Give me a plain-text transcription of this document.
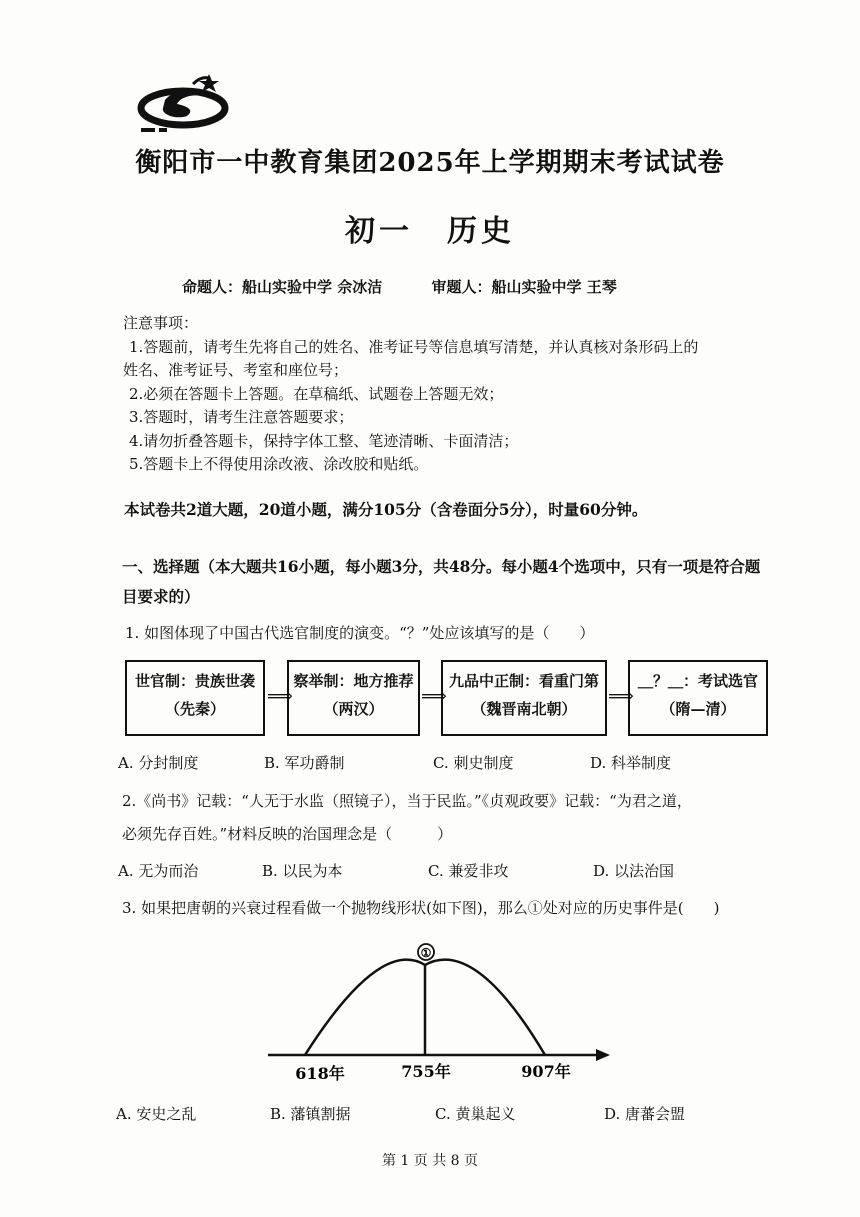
衡阳市一中教育集团2025年上学期期末考试试卷
初一　历史
命题人：船山实验中学 佘冰洁	审题人：船山实验中学 王琴
注意事项：
1.答题前，请考生先将自己的姓名、准考证号等信息填写清楚，并认真核对条形码上的
姓名、准考证号、考室和座位号；
2.必须在答题卡上答题。在草稿纸、试题卷上答题无效；
3.答题时，请考生注意答题要求；
4.请勿折叠答题卡，保持字体工整、笔迹清晰、卡面清洁；
5.答题卡上不得使用涂改液、涂改胶和贴纸。
本试卷共2道大题，20道小题，满分105分（含卷面分5分），时量60分钟。
一、选择题（本大题共16小题，每小题3分，共48分。每小题4个选项中，只有一项是符合题目要求的）
1. 如图体现了中国古代选官制度的演变。“？”处应该填写的是（　　）
世官制：贵族世袭
（先秦）
⟹
察举制：地方推荐
（两汉）
⟹
九品中正制：看重门第
（魏晋南北朝）
⟹
＿？＿：考试选官
（隋—清）
A. 分封制度	B. 军功爵制	C. 刺史制度	D. 科举制度
2.《尚书》记载：“人无于水监（照镜子），当于民监。”《贞观政要》记载：“为君之道，
必须先存百姓。”材料反映的治国理念是（　　　）
A. 无为而治	B. 以民为本	C. 兼爱非攻	D. 以法治国
3. 如果把唐朝的兴衰过程看做一个抛物线形状(如下图)，那么①处对应的历史事件是(　　)
①
618年	755年	907年
A. 安史之乱	B. 藩镇割据	C. 黄巢起义	D. 唐蕃会盟
第 1 页 共 8 页
